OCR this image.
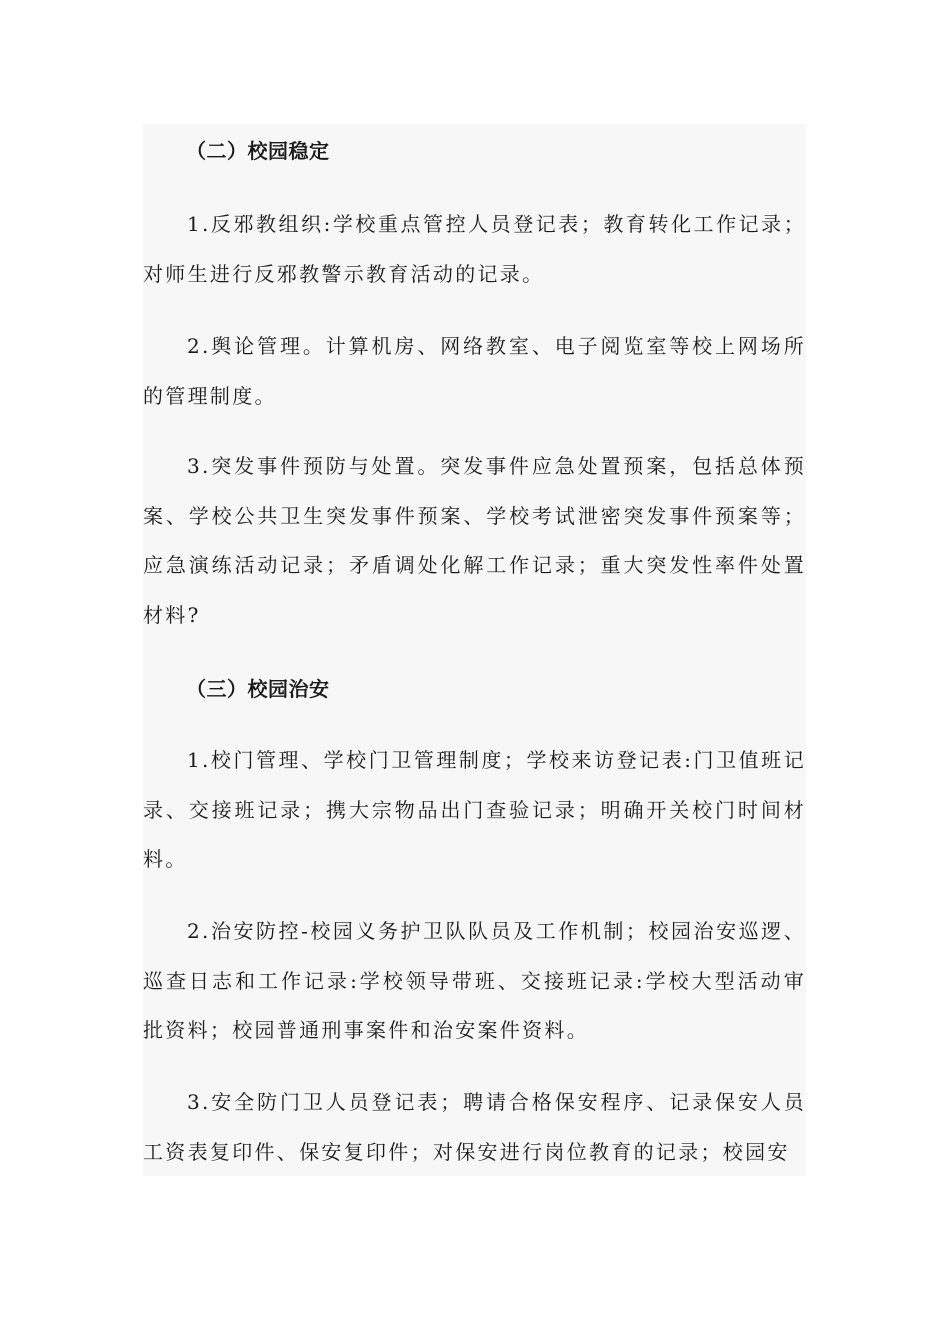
（二）校园稳定

1.反邪教组织:学校重点管控人员登记表；教育转化工作记录；对师生进行反邪教警示教育活动的记录。

2.舆论管理。计算机房、网络教室、电子阅览室等校上网场所的管理制度。

3.突发事件预防与处置。突发事件应急处置预案，包括总体预案、学校公共卫生突发事件预案、学校考试泄密突发事件预案等；应急演练活动记录；矛盾调处化解工作记录；重大突发性率件处置材料?

（三）校园治安

1.校门管理、学校门卫管理制度；学校来访登记表:门卫值班记录、交接班记录；携大宗物品出门查验记录；明确开关校门时间材料。

2.治安防控-校园义务护卫队队员及工作机制；校园治安巡逻、巡查日志和工作记录:学校领导带班、交接班记录:学校大型活动审批资料；校园普通刑事案件和治安案件资料。

3.安全防门卫人员登记表；聘请合格保安程序、记录保安人员工资表复印件、保安复印件；对保安进行岗位教育的记录；校园安
